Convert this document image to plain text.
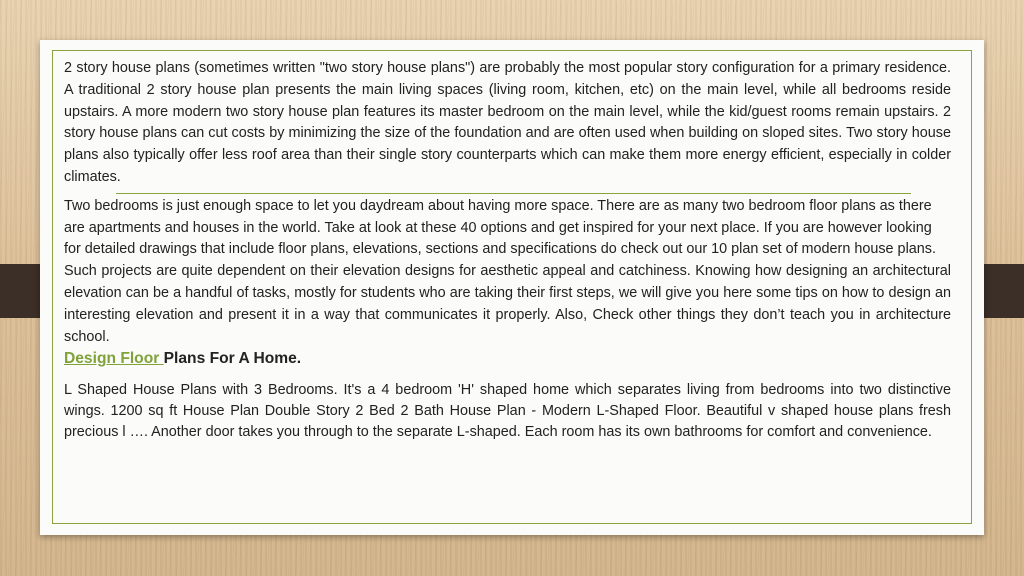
2 story house plans (sometimes written "two story house plans") are probably the most popular story configuration for a primary residence. A traditional 2 story house plan presents the main living spaces (living room, kitchen, etc) on the main level, while all bedrooms reside upstairs. A more modern two story house plan features its master bedroom on the main level, while the kid/guest rooms remain upstairs. 2 story house plans can cut costs by minimizing the size of the foundation and are often used when building on sloped sites. Two story house plans also typically offer less roof area than their single story counterparts which can make them more energy efficient, especially in colder climates.

Two bedrooms is just enough space to let you daydream about having more space. There are as many two bedroom floor plans as there are apartments and houses in the world. Take at look at these 40 options and get inspired for your next place. If you are however looking for detailed drawings that include floor plans, elevations, sections and specifications do check out our 10 plan set of modern house plans.

Such projects are quite dependent on their elevation designs for aesthetic appeal and catchiness. Knowing how designing an architectural elevation can be a handful of tasks, mostly for students who are taking their first steps, we will give you here some tips on how to design an interesting elevation and present it in a way that communicates it properly. Also, Check other things they don’t teach you in architecture school.

Design Floor Plans For A Home.

L Shaped House Plans with 3 Bedrooms. It's a 4 bedroom 'H' shaped home which separates living from bedrooms into two distinctive wings. 1200 sq ft House Plan Double Story 2 Bed 2 Bath House Plan - Modern L-Shaped Floor. Beautiful v shaped house plans fresh precious l …. Another door takes you through to the separate L-shaped. Each room has its own bathrooms for comfort and convenience.
